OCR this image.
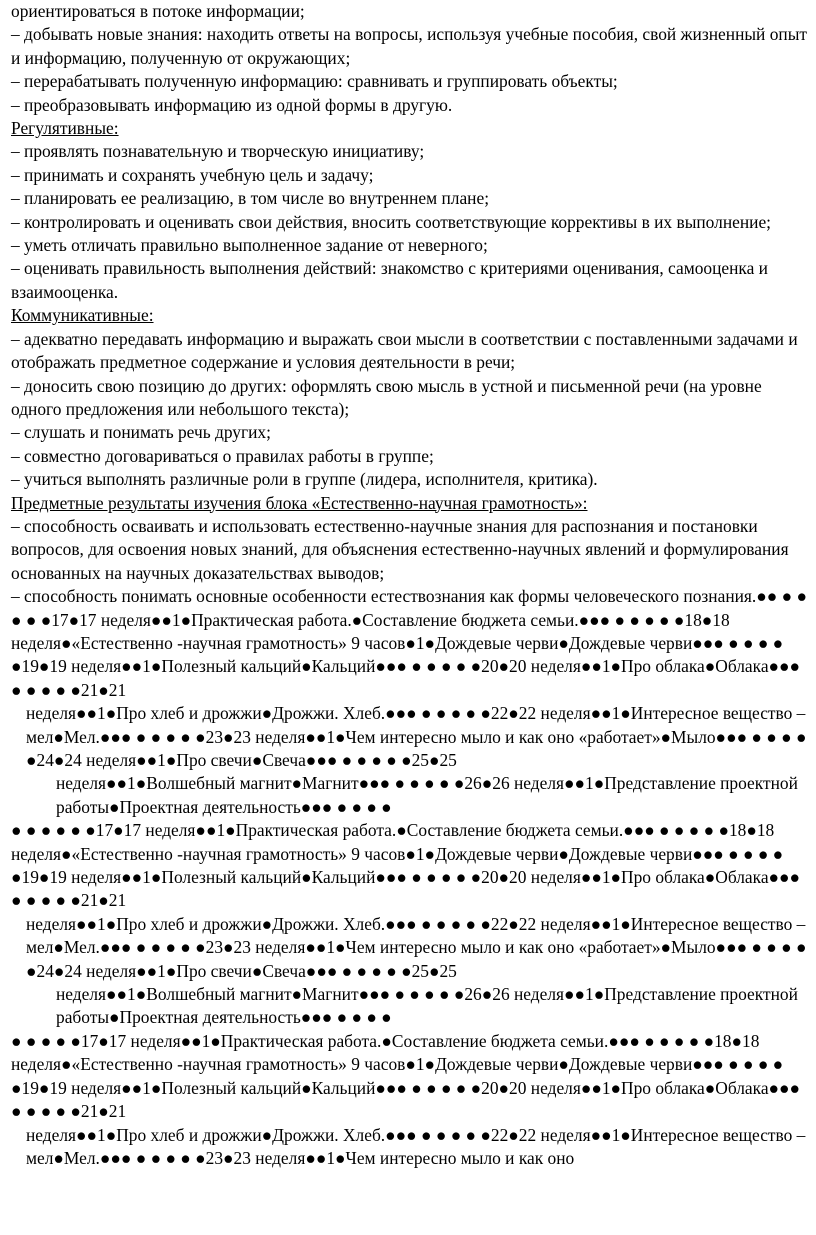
ориентироваться в потоке информации;

– добывать новые знания: находить ответы на вопросы, используя учебные пособия, свой жизненный опыт и информацию, полученную от окружающих;

– перерабатывать полученную информацию: сравнивать и группировать объекты;

– преобразовывать информацию из одной формы в другую.

Регулятивные:

– проявлять познавательную и творческую инициативу;

– принимать и сохранять учебную цель и задачу;

– планировать ее реализацию, в том числе во внутреннем плане;

– контролировать и оценивать свои действия, вносить соответствующие коррективы в их выполнение;

– уметь отличать правильно выполненное задание от неверного;

– оценивать правильность выполнения действий: знакомство с критериями оценивания, самооценка и взаимооценка.

Коммуникативные:

– адекватно передавать информацию и выражать свои мысли в соответствии с поставленными задачами и отображать предметное содержание и условия деятельности в речи;

– доносить свою позицию до других: оформлять свою мысль в устной и письменной речи (на уровне одного предложения или небольшого текста);

– слушать и понимать речь других;

– совместно договариваться о правилах работы в группе;

– учиться выполнять различные роли в группе (лидера, исполнителя, критика).

Предметные результаты изучения блока «Естественно-научная грамотность»:

– способность осваивать и использовать естественно-научные знания для распознания и постановки вопросов, для освоения новых знаний, для объяснения естественно-научных явлений и формулирования основанных на научных доказательствах выводов;

– способность понимать основные особенности естествознания как формы человеческого познания.●● ● ● ● ● ●17●17 неделя●●1●Практическая работа.●Составление бюджета семьи.●●● ● ● ● ● ●18●18 неделя●«Естественно -научная грамотность» 9 часов●1●Дождевые черви●Дождевые черви●●● ● ● ● ● ●19●19 неделя●●1●Полезный кальций●Кальций●●● ● ● ● ● ●20●20 неделя●●1●Про облака●Облака●●● ● ● ● ● ●21●21

неделя●●1●Про хлеб и дрожжи●Дрожжи. Хлеб.●●● ● ● ● ● ●22●22 неделя●●1●Интересное вещество – мел●Мел.●●● ● ● ● ● ●23●23 неделя●●1●Чем интересно мыло и как оно «работает»●Мыло●●● ● ● ● ● ●24●24 неделя●●1●Про свечи●Свеча●●● ● ● ● ● ●25●25

неделя●●1●Волшебный магнит●Магнит●●● ● ● ● ● ●26●26 неделя●●1●Представление проектной работы●Проектная деятельность●●● ● ● ● ●

● ● ● ● ● ●17●17 неделя●●1●Практическая работа.●Составление бюджета семьи.●●● ● ● ● ● ●18●18 неделя●«Естественно -научная грамотность» 9 часов●1●Дождевые черви●Дождевые черви●●● ● ● ● ● ●19●19 неделя●●1●Полезный кальций●Кальций●●● ● ● ● ● ●20●20 неделя●●1●Про облака●Облака●●● ● ● ● ● ●21●21

неделя●●1●Про хлеб и дрожжи●Дрожжи. Хлеб.●●● ● ● ● ● ●22●22 неделя●●1●Интересное вещество – мел●Мел.●●● ● ● ● ● ●23●23 неделя●●1●Чем интересно мыло и как оно «работает»●Мыло●●● ● ● ● ● ●24●24 неделя●●1●Про свечи●Свеча●●● ● ● ● ● ●25●25

неделя●●1●Волшебный магнит●Магнит●●● ● ● ● ● ●26●26 неделя●●1●Представление проектной работы●Проектная деятельность●●● ● ● ● ●

● ● ● ● ●17●17 неделя●●1●Практическая работа.●Составление бюджета семьи.●●● ● ● ● ● ●18●18 неделя●«Естественно -научная грамотность» 9 часов●1●Дождевые черви●Дождевые черви●●● ● ● ● ● ●19●19 неделя●●1●Полезный кальций●Кальций●●● ● ● ● ● ●20●20 неделя●●1●Про облака●Облака●●● ● ● ● ● ●21●21

неделя●●1●Про хлеб и дрожжи●Дрожжи. Хлеб.●●● ● ● ● ● ●22●22 неделя●●1●Интересное вещество – мел●Мел.●●● ● ● ● ● ●23●23 неделя●●1●Чем интересно мыло и как оно
